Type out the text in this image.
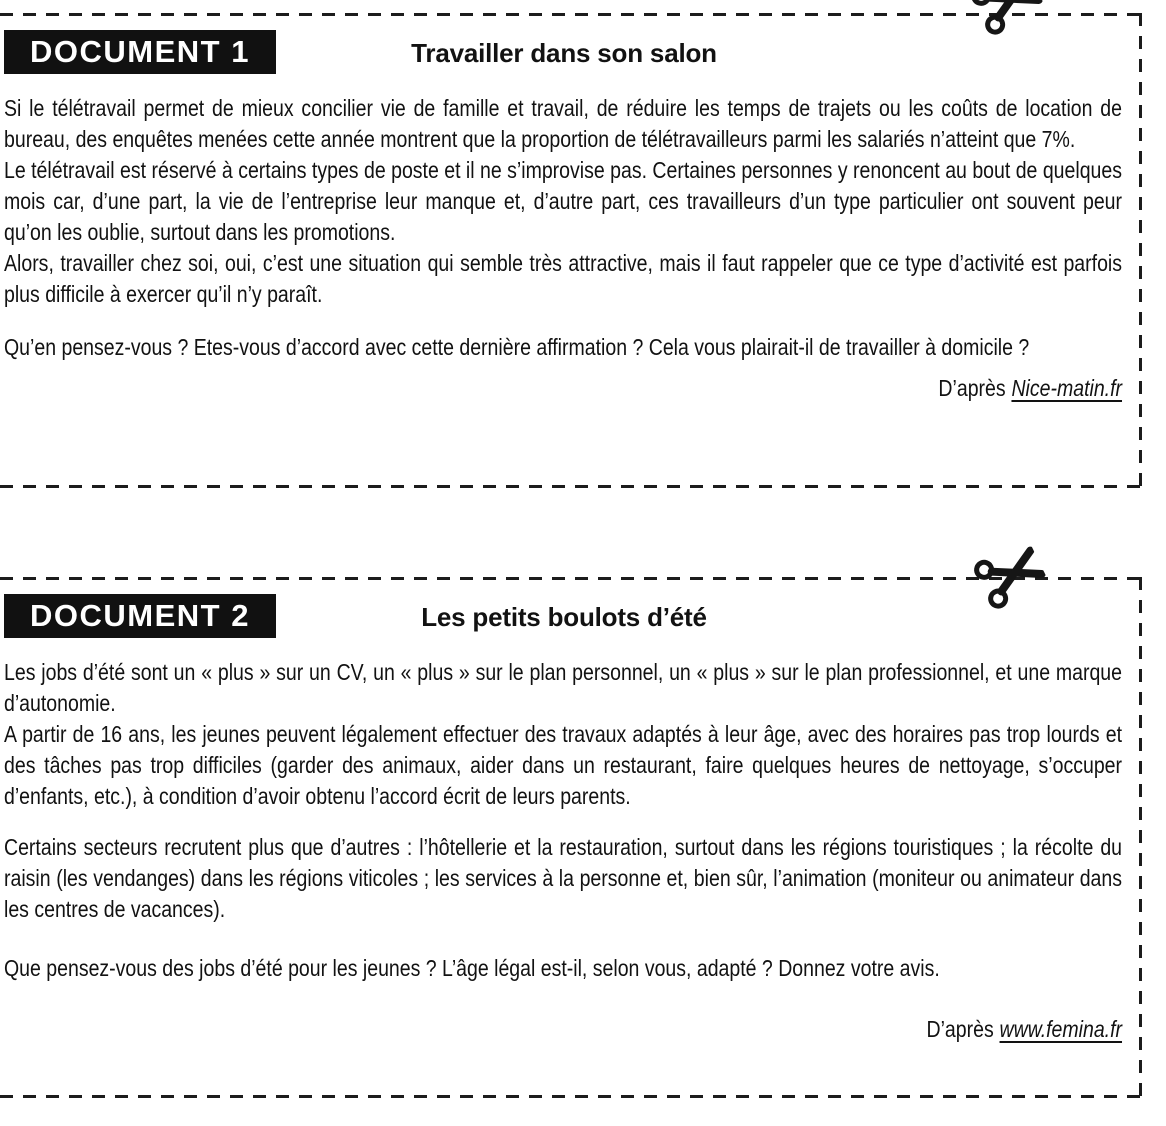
DOCUMENT 1	Travailler dans son salon

Si le télétravail permet de mieux concilier vie de famille et travail, de réduire les temps de trajets ou les coûts de location de bureau, des enquêtes menées cette année montrent que la proportion de télétravailleurs parmi les salariés n’atteint que 7%.

Le télétravail est réservé à certains types de poste et il ne s’improvise pas. Certaines personnes y renoncent au bout de quelques mois car, d’une part, la vie de l’entreprise leur manque et, d’autre part, ces travailleurs d’un type particulier ont souvent peur qu’on les oublie, surtout dans les promotions.

Alors, travailler chez soi, oui, c’est une situation qui semble très attractive, mais il faut rappeler que ce type d’activité est parfois plus difficile à exercer qu’il n’y paraît.

Qu’en pensez-vous ? Etes-vous d’accord avec cette dernière affirmation ? Cela vous plairait-il de travailler à domicile ?

D’après Nice-matin.fr

DOCUMENT 2	Les petits boulots d’été

Les jobs d’été sont un « plus » sur un CV, un « plus » sur le plan personnel, un « plus » sur le plan professionnel, et une marque d’autonomie.

A partir de 16 ans, les jeunes peuvent légalement effectuer des travaux adaptés à leur âge, avec des horaires pas trop lourds et des tâches pas trop difficiles (garder des animaux, aider dans un restaurant, faire quelques heures de nettoyage, s’occuper d’enfants, etc.), à condition d’avoir obtenu l’accord écrit de leurs parents.

Certains secteurs recrutent plus que d’autres : l’hôtellerie et la restauration, surtout dans les régions touristiques ; la récolte du raisin (les vendanges) dans les régions viticoles ; les services à la personne et, bien sûr, l’animation (moniteur ou animateur dans les centres de vacances).

Que pensez-vous des jobs d’été pour les jeunes ? L’âge légal est-il, selon vous, adapté ? Donnez votre avis.

D’après www.femina.fr
